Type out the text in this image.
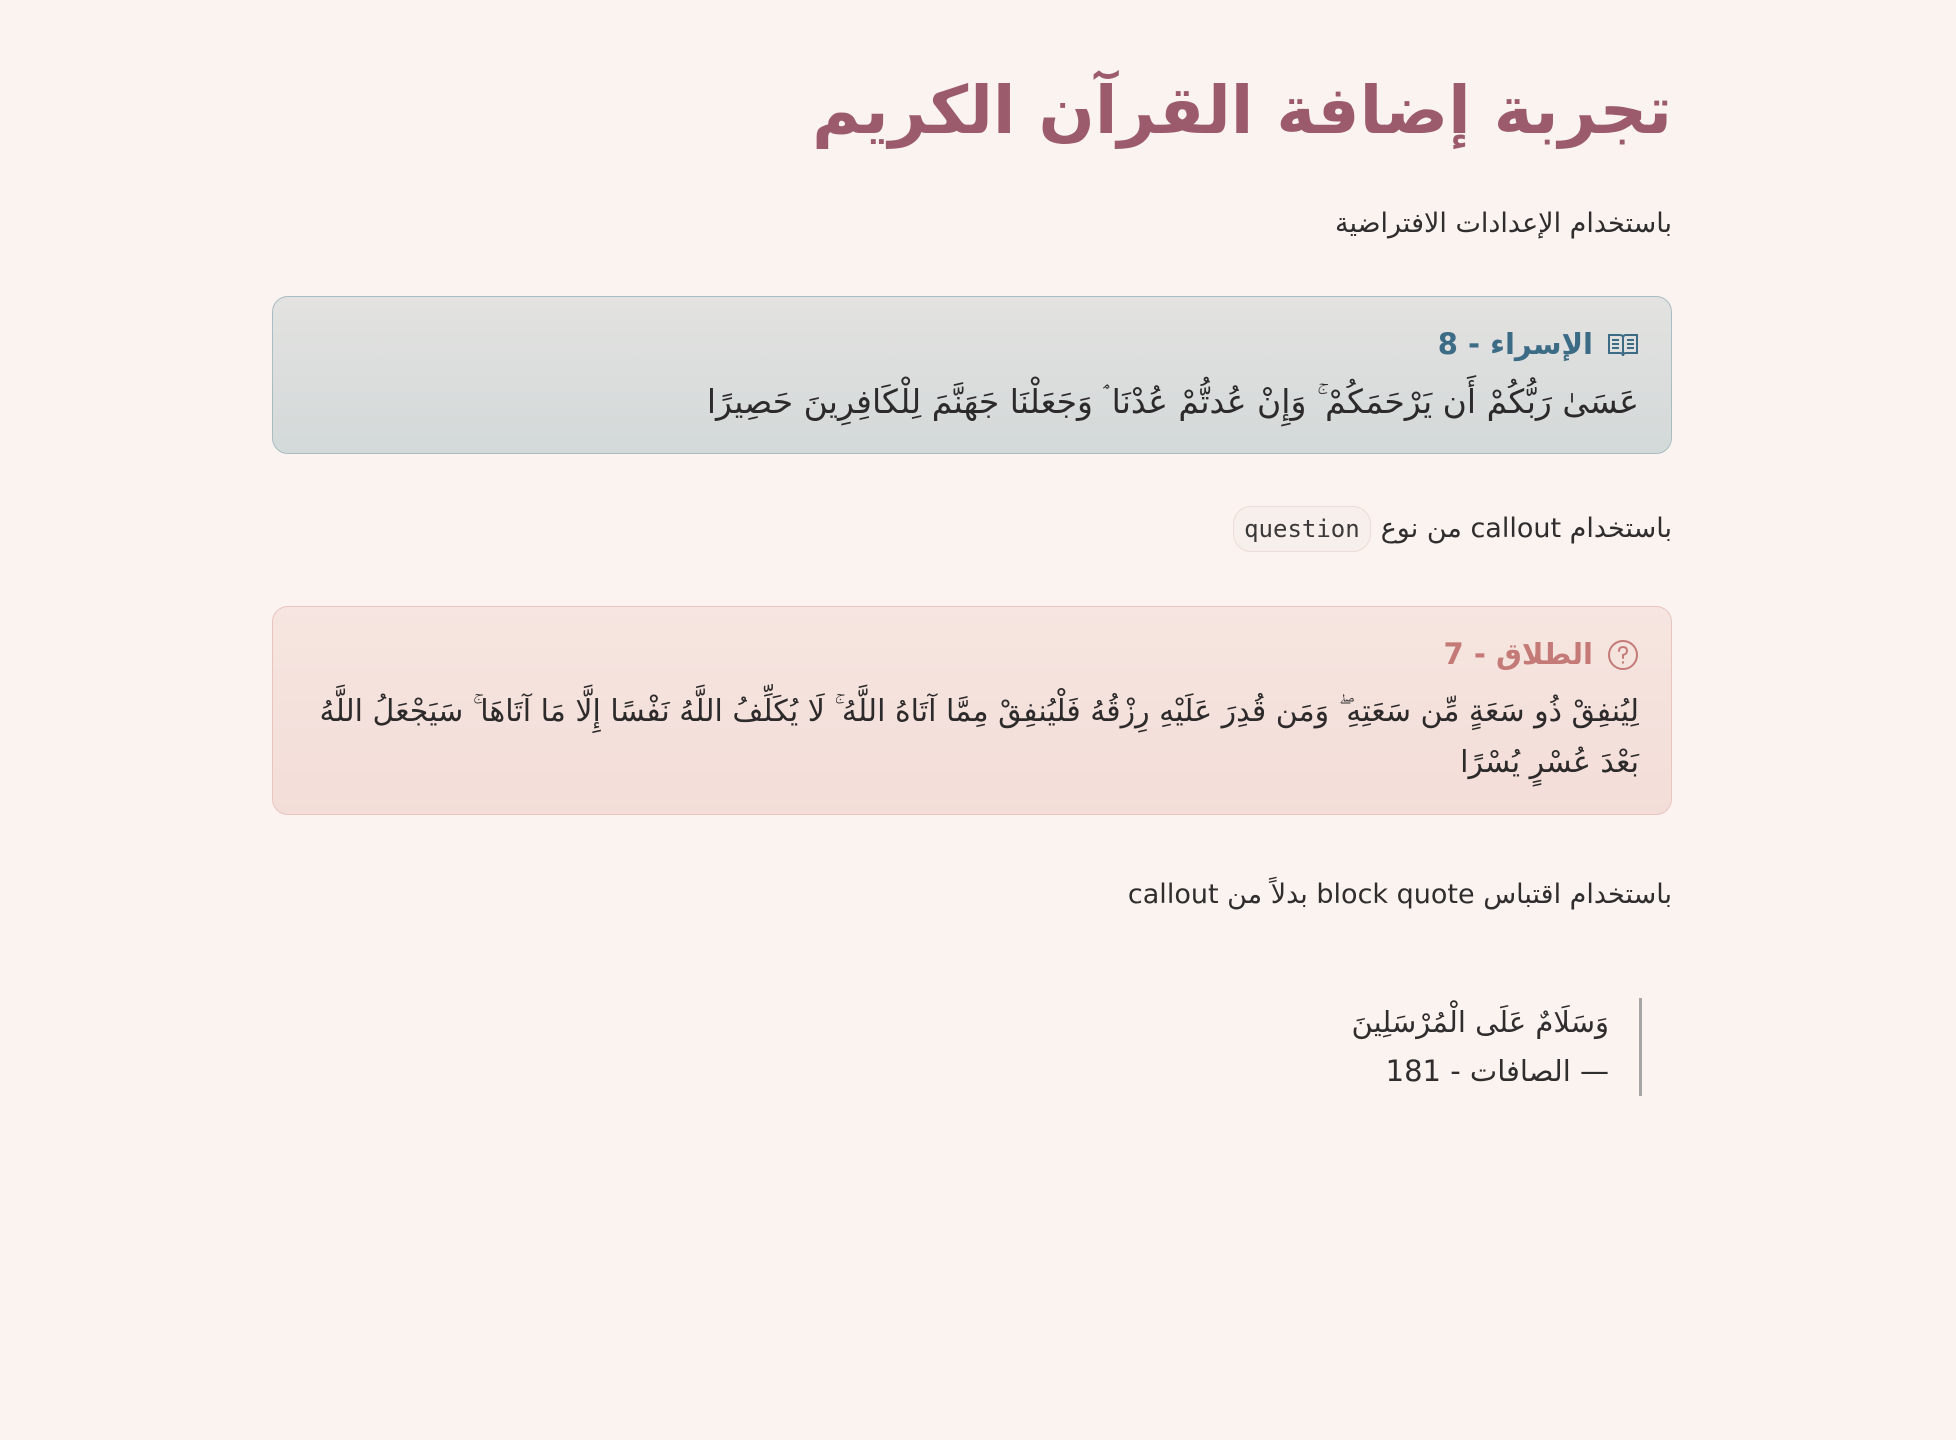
تجربة إضافة القرآن الكريم
باستخدام الإعدادات الافتراضية
الإسراء - 8
عَسَىٰ رَبُّكُمْ أَن يَرْحَمَكُمْ ۚ وَإِنْ عُدتُّمْ عُدْنَا ۘ وَجَعَلْنَا جَهَنَّمَ لِلْكَافِرِينَ حَصِيرًا
باستخدام callout من نوع
question
الطلاق - 7
لِيُنفِقْ ذُو سَعَةٍ مِّن سَعَتِهِ ۖ وَمَن قُدِرَ عَلَيْهِ رِزْقُهُ فَلْيُنفِقْ مِمَّا آتَاهُ اللَّهُ ۚ لَا يُكَلِّفُ اللَّهُ نَفْسًا إِلَّا مَا آتَاهَا ۚ سَيَجْعَلُ اللَّهُ بَعْدَ عُسْرٍ يُسْرًا
باستخدام اقتباس block quote بدلاً من callout
وَسَلَامٌ عَلَى الْمُرْسَلِينَ
— الصافات - 181
